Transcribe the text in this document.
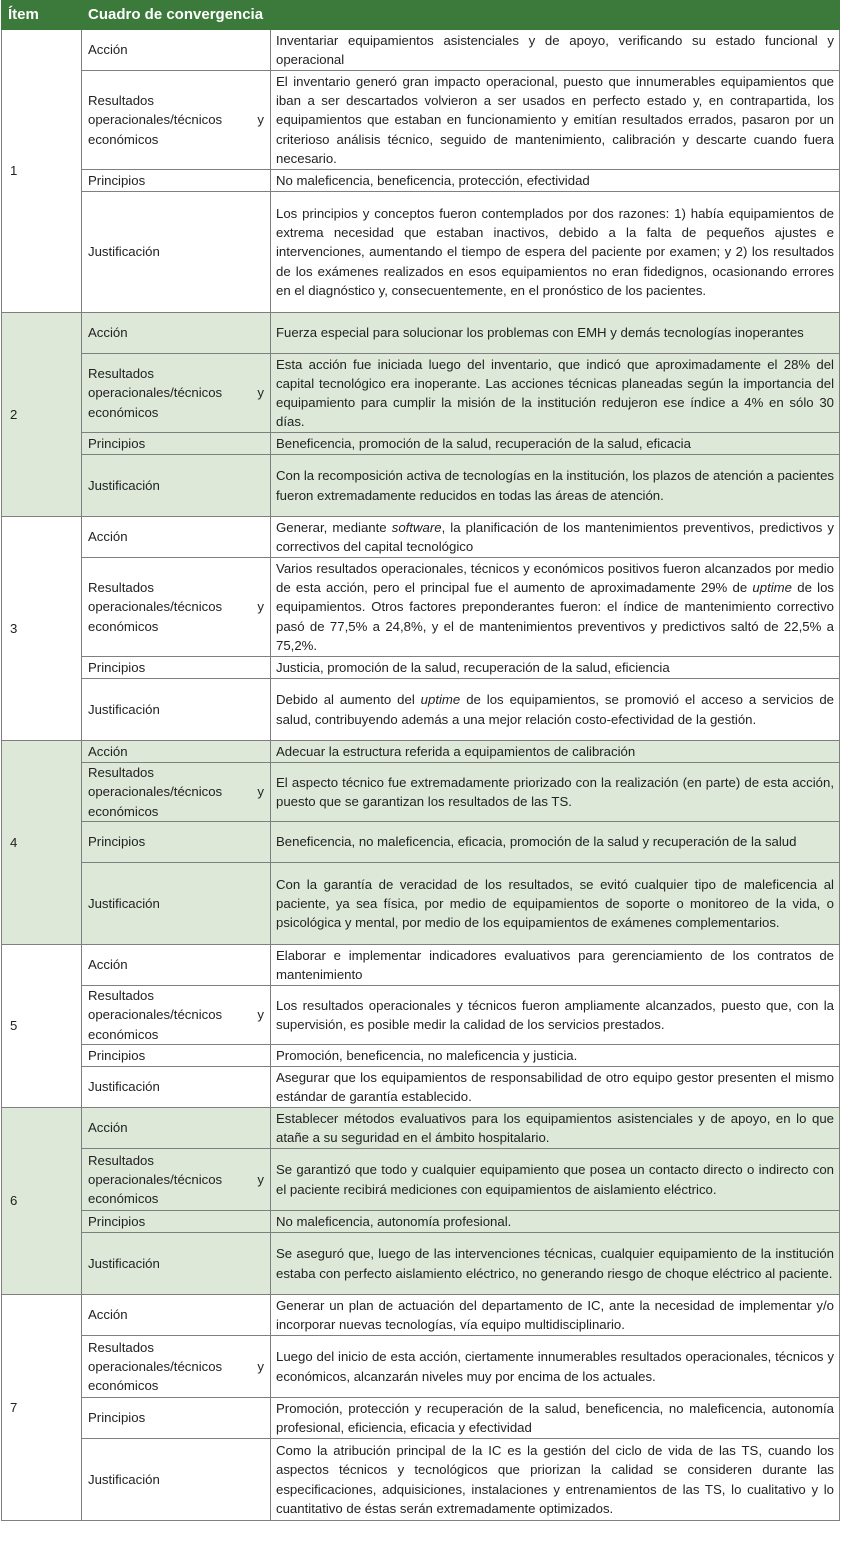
Ítem	Cuadro de convergencia	
1	Acción	Inventariar equipamientos asistenciales y de apoyo, verificando su estado funcional y operacional

	Resultados operacionales/técnicos y económicos	El inventario generó gran impacto operacional, puesto que innumerables equipamientos que iban a ser descartados volvieron a ser usados en perfecto estado y, en contrapartida, los equipamientos que estaban en funcionamiento y emitían resultados errados, pasaron por un criterioso análisis técnico, seguido de mantenimiento, calibración y descarte cuando fuera necesario.
	Principios	No maleficencia, beneficencia, protección, efectividad
	Justificación	Los principios y conceptos fueron contemplados por dos razones: 1) había equipamientos de extrema necesidad que estaban inactivos, debido a la falta de pequeños ajustes e intervenciones, aumentando el tiempo de espera del paciente por examen; y 2) los resultados de los exámenes realizados en esos equipamientos no eran fidedignos, ocasionando errores en el diagnóstico y, consecuentemente, en el pronóstico de los pacientes.
2	Acción	Fuerza especial para solucionar los problemas con EMH y demás tecnologías inoperantes

	Resultados operacionales/técnicos y económicos	Esta acción fue iniciada luego del inventario, que indicó que aproximadamente el 28% del capital tecnológico era inoperante. Las acciones técnicas planeadas según la importancia del equipamiento para cumplir la misión de la institución redujeron ese índice a 4% en sólo 30 días.
	Principios	Beneficencia, promoción de la salud, recuperación de la salud, eficacia
	Justificación	Con la recomposición activa de tecnologías en la institución, los plazos de atención a pacientes fueron extremadamente reducidos en todas las áreas de atención.
3	Acción	Generar, mediante software, la planificación de los mantenimientos preventivos, predictivos y correctivos del capital tecnológico

	Resultados operacionales/técnicos y económicos	Varios resultados operacionales, técnicos y económicos positivos fueron alcanzados por medio de esta acción, pero el principal fue el aumento de aproximadamente 29% de uptime de los equipamientos. Otros factores preponderantes fueron: el índice de mantenimiento correctivo pasó de 77,5% a 24,8%, y el de mantenimientos preventivos y predictivos saltó de 22,5% a 75,2%.
	Principios	Justicia, promoción de la salud, recuperación de la salud, eficiencia
	Justificación	Debido al aumento del uptime de los equipamientos, se promovió el acceso a servicios de salud, contribuyendo además a una mejor relación costo-efectividad de la gestión.
4	Acción	Adecuar la estructura referida a equipamientos de calibración

	Resultados operacionales/técnicos y económicos	El aspecto técnico fue extremadamente priorizado con la realización (en parte) de esta acción, puesto que se garantizan los resultados de las TS.
	Principios	Beneficencia, no maleficencia, eficacia, promoción de la salud y recuperación de la salud
	Justificación	Con la garantía de veracidad de los resultados, se evitó cualquier tipo de maleficencia al paciente, ya sea física, por medio de equipamientos de soporte o monitoreo de la vida, o psicológica y mental, por medio de los equipamientos de exámenes complementarios.
5	Acción	Elaborar e implementar indicadores evaluativos para gerenciamiento de los contratos de mantenimiento

	Resultados operacionales/técnicos y económicos	Los resultados operacionales y técnicos fueron ampliamente alcanzados, puesto que, con la supervisión, es posible medir la calidad de los servicios prestados.
	Principios	Promoción, beneficencia, no maleficencia y justicia.
	Justificación	Asegurar que los equipamientos de responsabilidad de otro equipo gestor presenten el mismo estándar de garantía establecido.
6	Acción	Establecer métodos evaluativos para los equipamientos asistenciales y de apoyo, en lo que atañe a su seguridad en el ámbito hospitalario.

	Resultados operacionales/técnicos y económicos	Se garantizó que todo y cualquier equipamiento que posea un contacto directo o indirecto con el paciente recibirá mediciones con equipamientos de aislamiento eléctrico.
	Principios	No maleficencia, autonomía profesional.
	Justificación	Se aseguró que, luego de las intervenciones técnicas, cualquier equipamiento de la institución estaba con perfecto aislamiento eléctrico, no generando riesgo de choque eléctrico al paciente.
7	Acción	Generar un plan de actuación del departamento de IC, ante la necesidad de implementar y/o incorporar nuevas tecnologías, vía equipo multidisciplinario.

	Resultados operacionales/técnicos y económicos	Luego del inicio de esta acción, ciertamente innumerables resultados operacionales, técnicos y económicos, alcanzarán niveles muy por encima de los actuales.
	Principios	Promoción, protección y recuperación de la salud, beneficencia, no maleficencia, autonomía profesional, eficiencia, eficacia y efectividad
	Justificación	Como la atribución principal de la IC es la gestión del ciclo de vida de las TS, cuando los aspectos técnicos y tecnológicos que priorizan la calidad se consideren durante las especificaciones, adquisiciones, instalaciones y entrenamientos de las TS, lo cualitativo y lo cuantitativo de éstas serán extremadamente optimizados.
